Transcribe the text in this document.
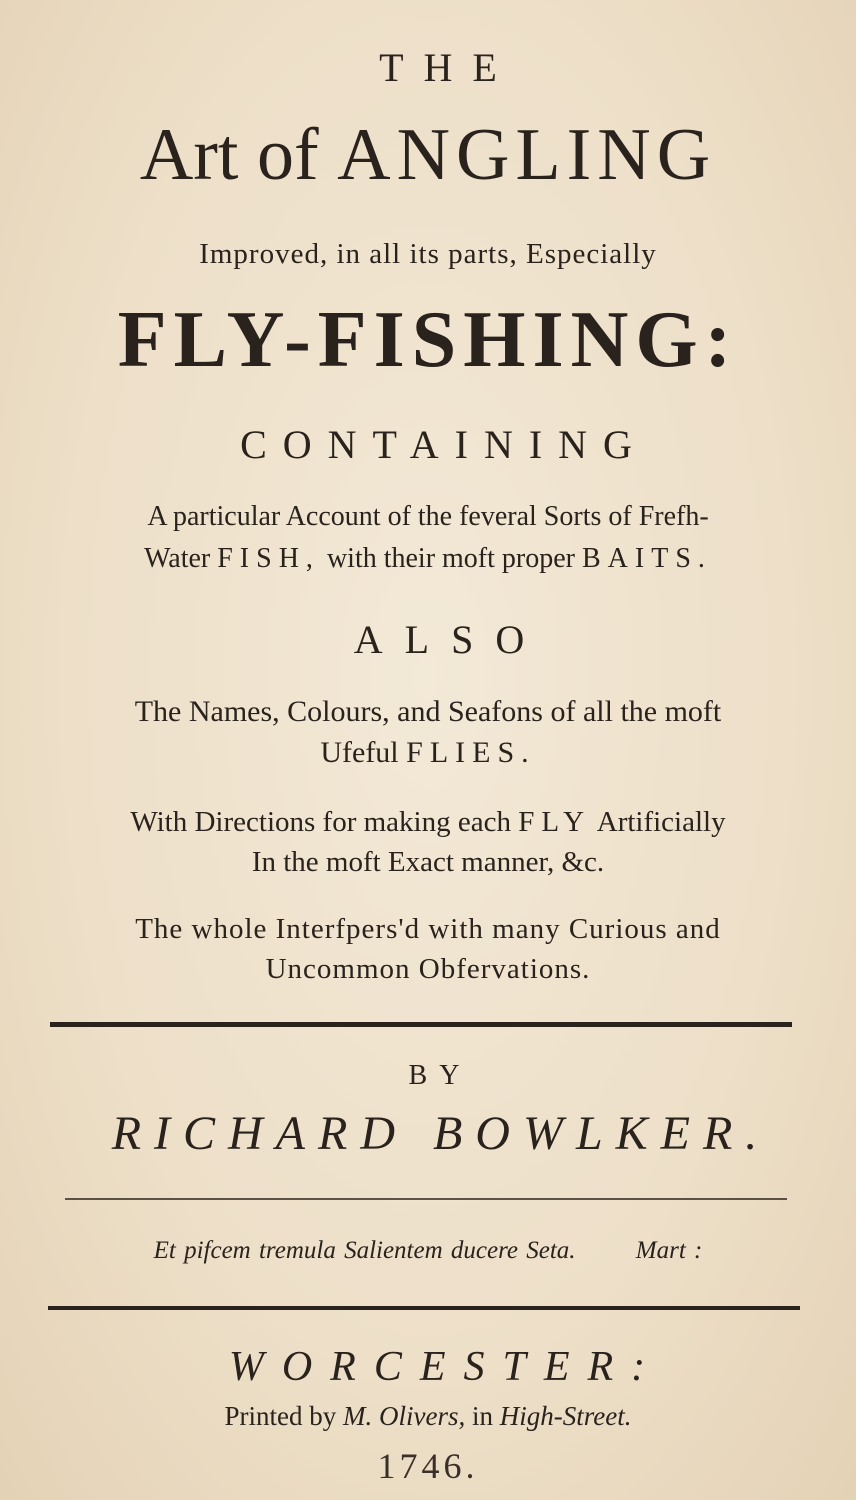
THE
Art of ANGLING
Improved, in all its parts, Especially
FLY-FISHING:
CONTAINING
A particular Account of the feveral Sorts of Frefh-
Water FISH, with their moft proper BAITS.
ALSO
The Names, Colours, and Seafons of all the moft
Ufeful FLIES.
With Directions for making each FLY Artificially
In the moft Exact manner, &c.
The whole Interfpers'd with many Curious and
Uncommon Obfervations.
BY
RICHARD BOWLKER.
Et pifcem tremula Salientem ducere Seta. Mart :
WORCESTER:
Printed by M. Olivers, in High-Street.
1746.
